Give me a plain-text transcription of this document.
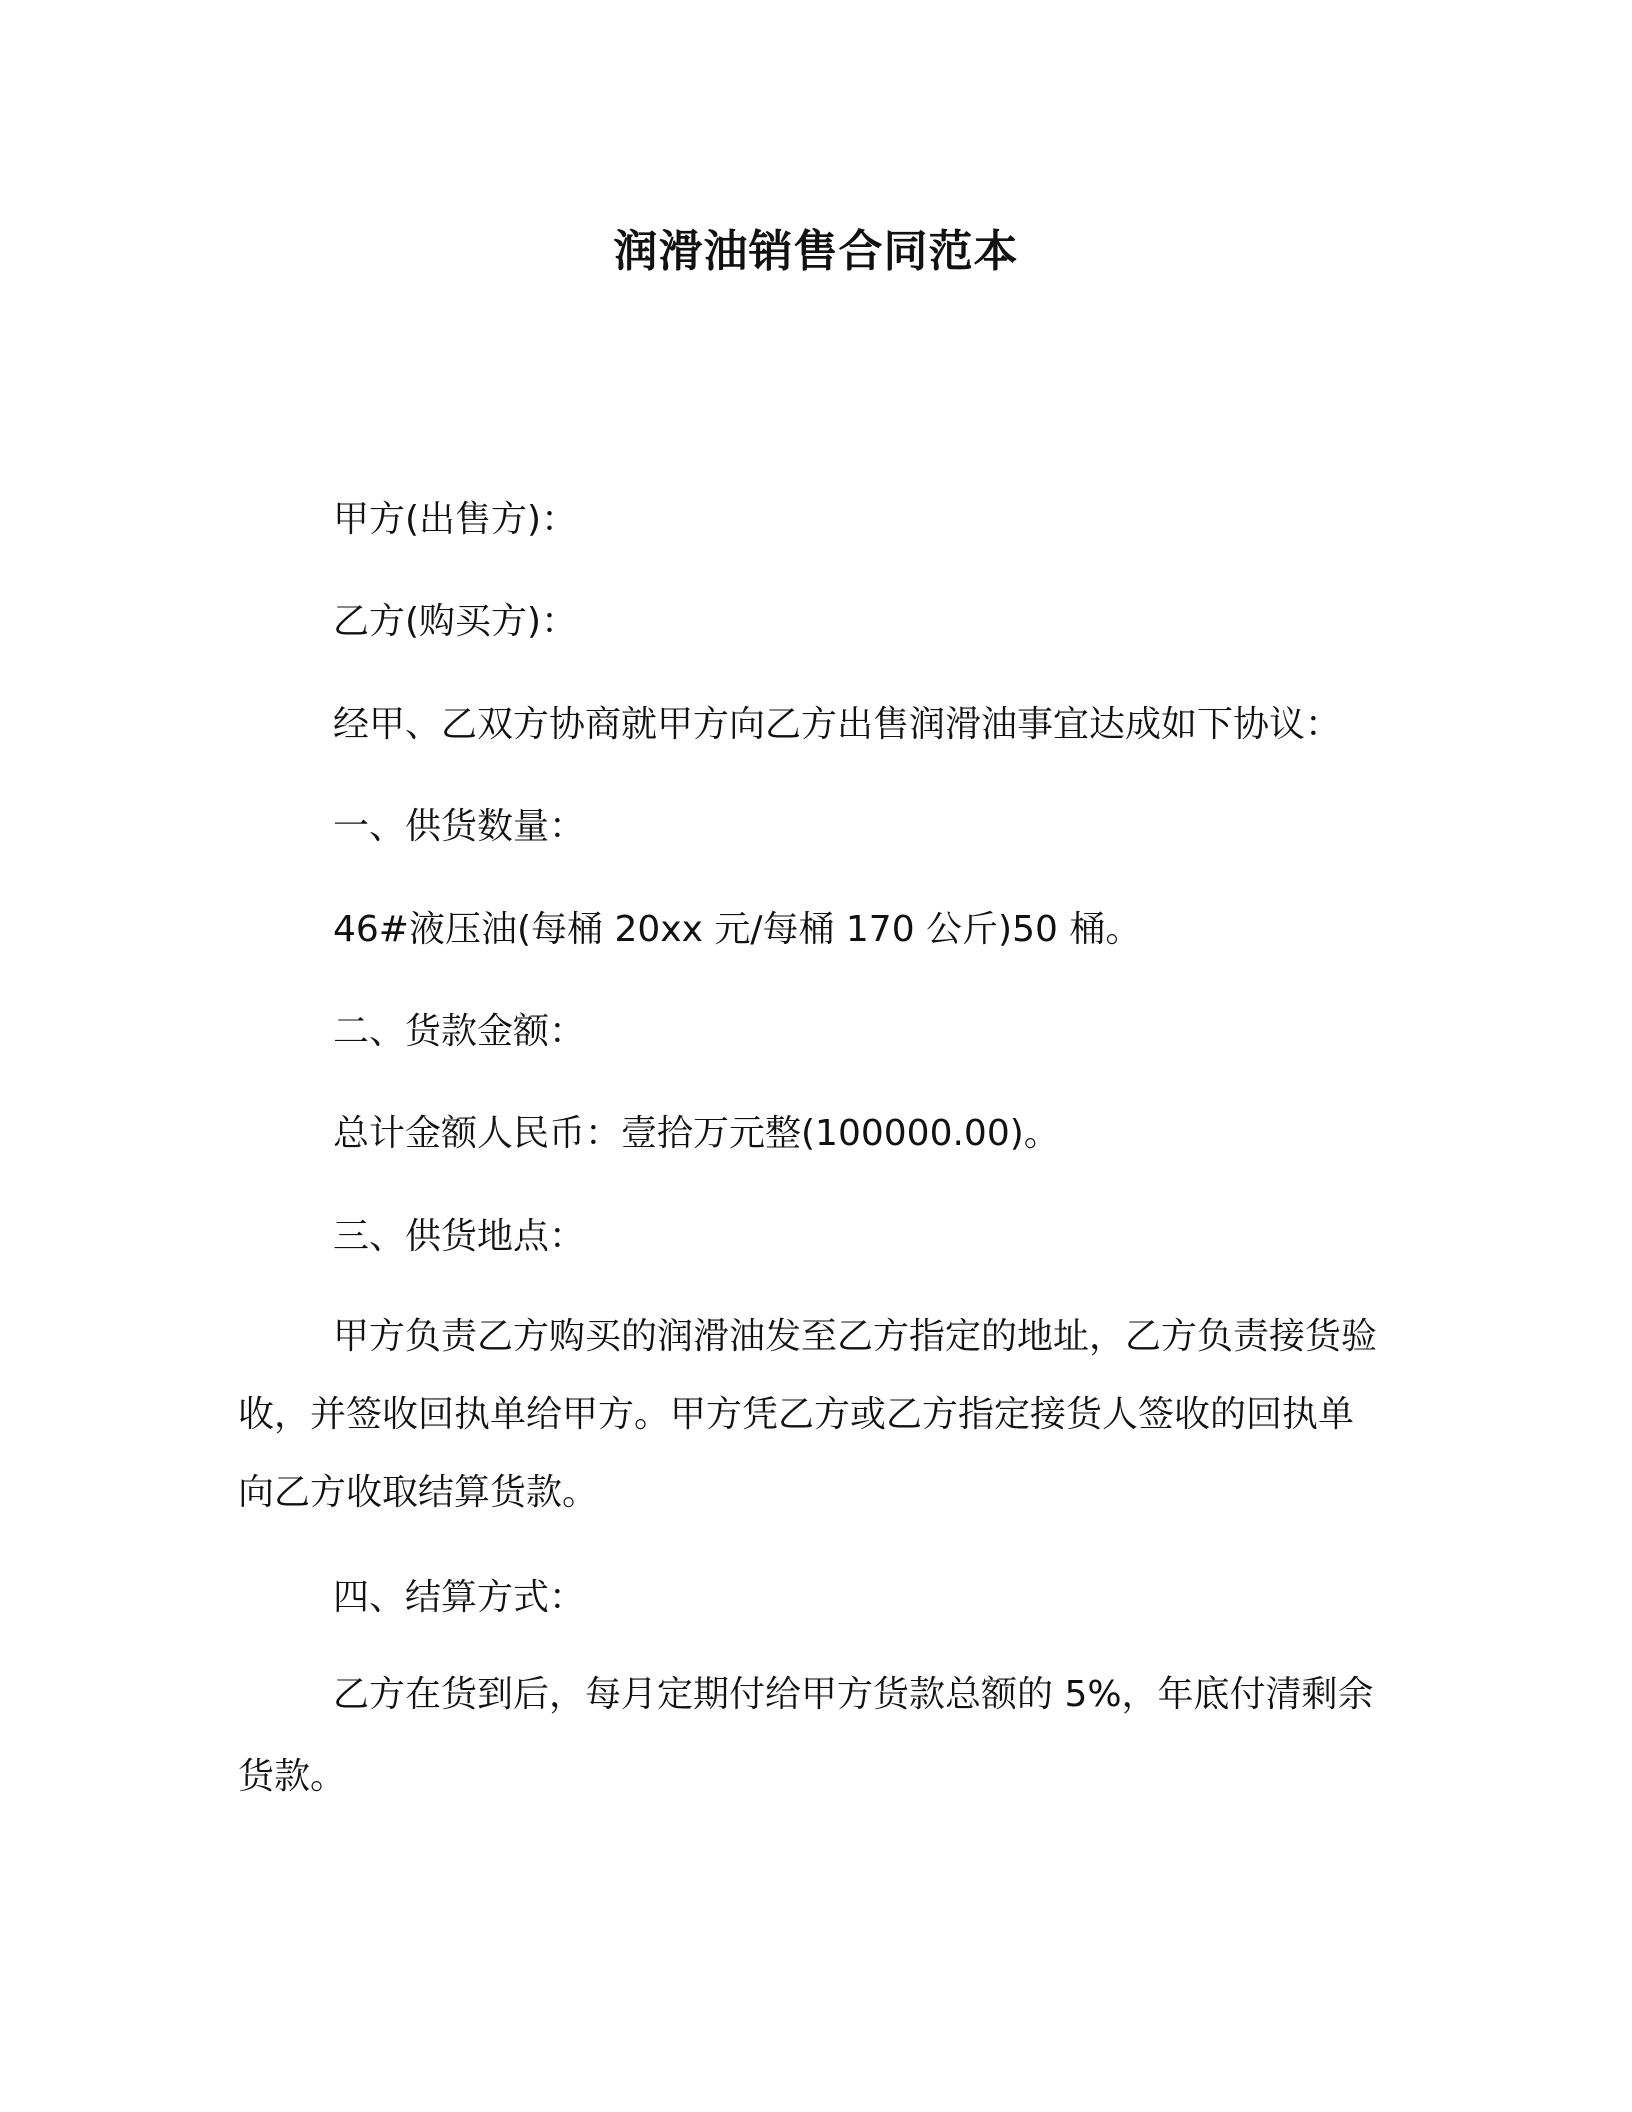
润滑油销售合同范本
甲方(出售方)：
乙方(购买方)：
经甲、乙双方协商就甲方向乙方出售润滑油事宜达成如下协议：
一、供货数量：
46#液压油(每桶 20xx 元/每桶 170 公斤)50 桶。
二、货款金额：
总计金额人民币：壹拾万元整(100000.00)。
三、供货地点：
甲方负责乙方购买的润滑油发至乙方指定的地址，乙方负责接货验收，并签收回执单给甲方。甲方凭乙方或乙方指定接货人签收的回执单向乙方收取结算货款。
四、结算方式：
乙方在货到后，每月定期付给甲方货款总额的 5%，年底付清剩余货款。
